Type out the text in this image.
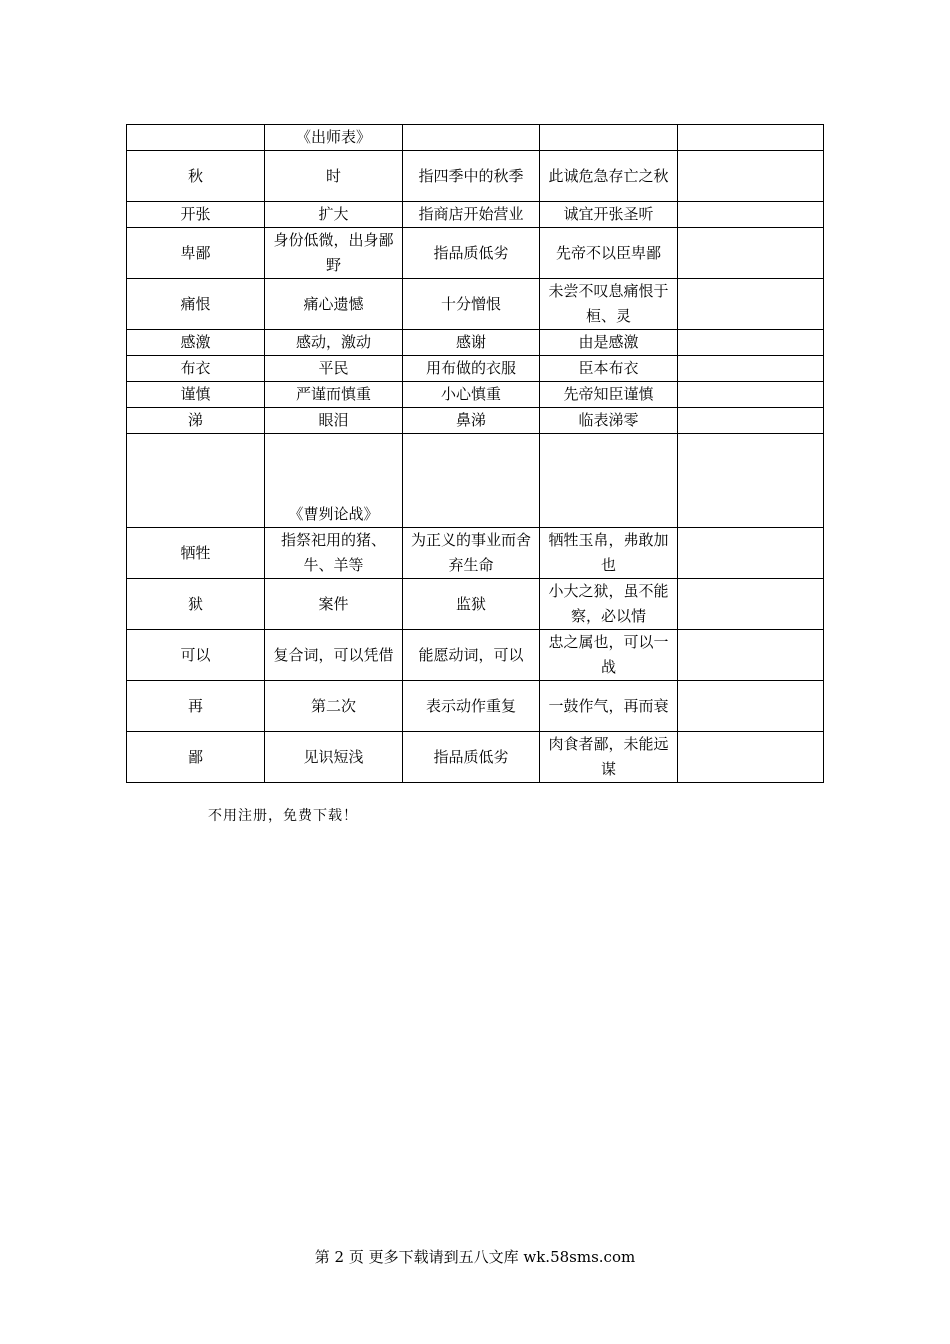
	《出师表》			
秋	时	指四季中的秋季	此诚危急存亡之秋	
开张	扩大	指商店开始营业	诚宜开张圣听	
卑鄙	身份低微，出身鄙野	指品质低劣	先帝不以臣卑鄙	
痛恨	痛心遗憾	十分憎恨	未尝不叹息痛恨于桓、灵	
感激	感动，激动	感谢	由是感激	
布衣	平民	用布做的衣服	臣本布衣	
谨慎	严谨而慎重	小心慎重	先帝知臣谨慎	
涕	眼泪	鼻涕	临表涕零	
	《曹刿论战》			
牺牲	指祭祀用的猪、牛、羊等	为正义的事业而舍弃生命	牺牲玉帛，弗敢加也	
狱	案件	监狱	小大之狱，虽不能察，必以情	
可以	复合词，可以凭借	能愿动词，可以	忠之属也，可以一战	
再	第二次	表示动作重复	一鼓作气，再而衰	
鄙	见识短浅	指品质低劣	肉食者鄙，未能远谋	
不用注册，免费下载！
第 2 页 更多下载请到五八文库 wk.58sms.com
